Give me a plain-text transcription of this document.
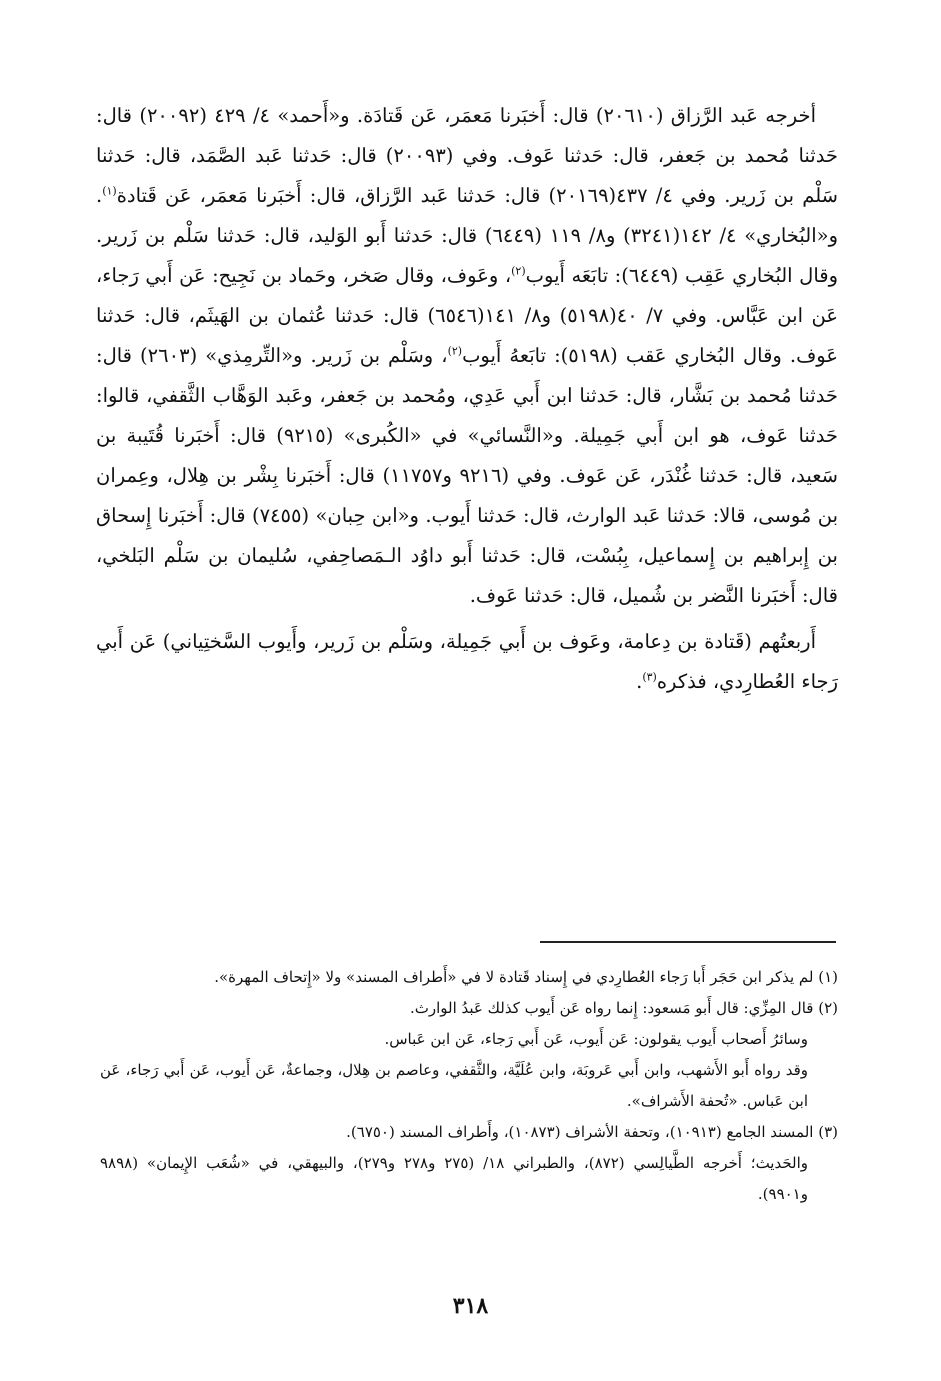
أخرجه عَبد الرَّزاق (٢٠٦١٠) قال: أَخبَرنا مَعمَر، عَن قَتادَة. و«أَحمد» ٤/ ٤٢٩ (٢٠٠٩٢) قال: حَدثنا مُحمد بن جَعفر، قال: حَدثنا عَوف. وفي (٢٠٠٩٣) قال: حَدثنا عَبد الصَّمَد، قال: حَدثنا سَلْم بن زَرير. وفي ٤/ ٤٣٧(٢٠١٦٩) قال: حَدثنا عَبد الرَّزاق، قال: أَخبَرنا مَعمَر، عَن قَتادة$^{(١)}$. و«البُخاري» ٤/ ١٤٢(٣٢٤١) و٨/ ١١٩ (٦٤٤٩) قال: حَدثنا أَبو الوَليد، قال: حَدثنا سَلْم بن زَرير. وقال البُخاري عَقِب (٦٤٤٩): تابَعَه أَيوب$^{(٢)}$، وعَوف، وقال صَخر، وحَماد بن نَجِيح: عَن أَبي رَجاء، عَن ابن عَبَّاس. وفي ٧/ ٤٠(٥١٩٨) و٨/ ١٤١(٦٥٤٦) قال: حَدثنا عُثمان بن الهَيثَم، قال: حَدثنا عَوف. وقال البُخاري عَقب (٥١٩٨): تابَعهُ أَيوب$^{(٢)}$، وسَلْم بن زَرير. و«التِّرمِذي» (٢٦٠٣) قال: حَدثنا مُحمد بن بَشَّار، قال: حَدثنا ابن أَبي عَدِي، ومُحمد بن جَعفر، وعَبد الوَهَّاب الثَّقفي، قالوا: حَدثنا عَوف، هو ابن أَبي جَمِيلة. و«النَّسائي» في «الكُبرى» (٩٢١٥) قال: أَخبَرنا قُتَيبة بن سَعيد، قال: حَدثنا غُنْدَر، عَن عَوف. وفي (٩٢١٦ و١١٧٥٧) قال: أَخبَرنا بِشْر بن هِلال، وعِمران بن مُوسى، قالا: حَدثنا عَبد الوارث، قال: حَدثنا أَيوب. و«ابن حِبان» (٧٤٥٥) قال: أَخبَرنا إِسحاق بن إِبراهيم بن إِسماعيل، بِبُسْت، قال: حَدثنا أَبو داوُد الـمَصاحِفي، سُليمان بن سَلْم البَلخي، قال: أَخبَرنا النَّضر بن شُميل، قال: حَدثنا عَوف.

أَربعتُهم (قَتادة بن دِعامة، وعَوف بن أَبي جَمِيلة، وسَلْم بن زَرير، وأَيوب السَّختِياني) عَن أَبي رَجاء العُطارِدي، فذكره$^{(٣)}$.

(١) لم يذكر ابن حَجَر أَبا رَجاء العُطارِدي في إِسناد قَتادة لا في «أَطراف المسند» ولا «إِتحاف المهرة».

(٢) قال المِزِّي: قال أَبو مَسعود: إِنما رواه عَن أَيوب كذلك عَبدُ الوارث.

وسائرُ أَصحاب أَيوب يقولون: عَن أَيوب، عَن أَبي رَجاء، عَن ابن عَباس.

وقد رواه أَبو الأَشهب، وابن أَبي عَروبَة، وابن عُلَيَّة، والثَّقفي، وعاصم بن هِلال، وجماعةٌ، عَن أَيوب، عَن أَبي رَجاء، عَن ابن عَباس. «تُحفة الأَشراف».

(٣) المسند الجامع (١٠٩١٣)، وتحفة الأشراف (١٠٨٧٣)، وأَطراف المسند (٦٧٥٠).

والحَديث؛ أَخرجه الطَّيالِسي (٨٧٢)، والطبراني ١٨/ (٢٧٥ و٢٧٨ و٢٧٩)، والبيهقي، في «شُعَب الإِيمان» (٩٨٩٨ و٩٩٠١).

٣١٨
